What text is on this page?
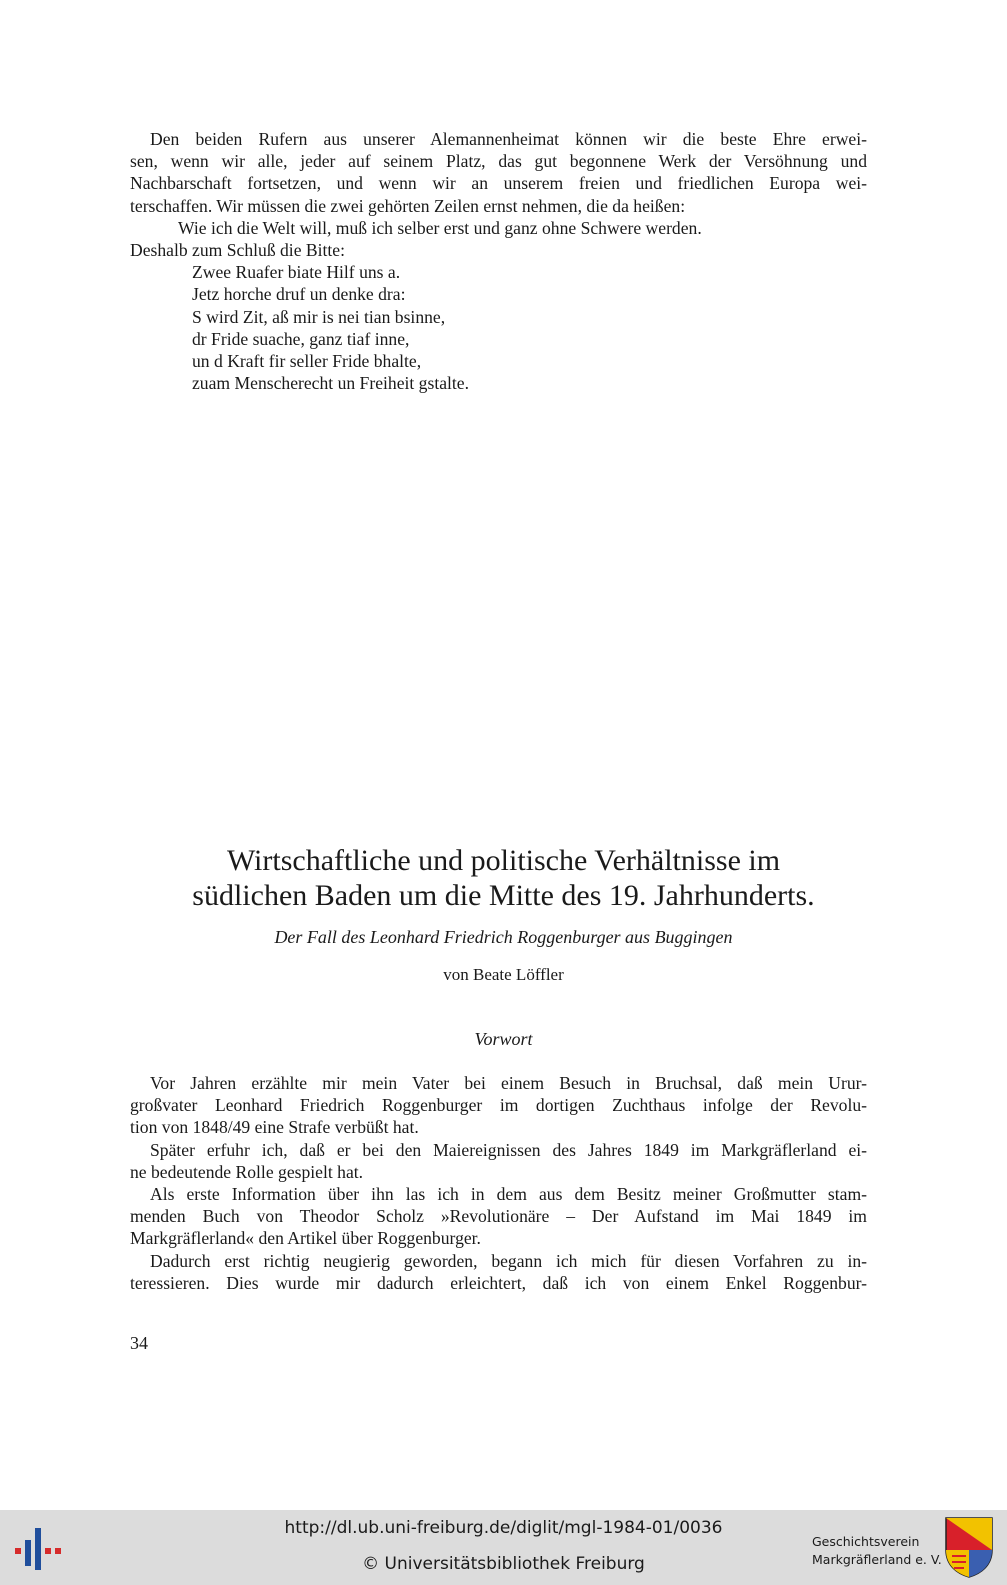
Den beiden Rufern aus unserer Alemannenheimat können wir die beste Ehre erwei-
sen, wenn wir alle, jeder auf seinem Platz, das gut begonnene Werk der Versöhnung und
Nachbarschaft fortsetzen, und wenn wir an unserem freien und friedlichen Europa wei-
terschaffen. Wir müssen die zwei gehörten Zeilen ernst nehmen, die da heißen:

Wie ich die Welt will, muß ich selber erst und ganz ohne Schwere werden.

Deshalb zum Schluß die Bitte:

Zwee Ruafer biate Hilf uns a.
Jetz horche druf un denke dra:
S wird Zit, aß mir is nei tian bsinne,
dr Fride suache, ganz tiaf inne,
un d Kraft fir seller Fride bhalte,
zuam Menscherecht un Freiheit gstalte.
Wirtschaftliche und politische Verhältnisse im
südlichen Baden um die Mitte des 19. Jahrhunderts.

Der Fall des Leonhard Friedrich Roggenburger aus Buggingen

von Beate Löffler

Vorwort

Vor Jahren erzählte mir mein Vater bei einem Besuch in Bruchsal, daß mein Urur-
großvater Leonhard Friedrich Roggenburger im dortigen Zuchthaus infolge der Revolu-
tion von 1848/49 eine Strafe verbüßt hat.

Später erfuhr ich, daß er bei den Maiereignissen des Jahres 1849 im Markgräflerland ei-
ne bedeutende Rolle gespielt hat.

Als erste Information über ihn las ich in dem aus dem Besitz meiner Großmutter stam-
menden Buch von Theodor Scholz »Revolutionäre – Der Aufstand im Mai 1849 im
Markgräflerland« den Artikel über Roggenburger.

Dadurch erst richtig neugierig geworden, begann ich mich für diesen Vorfahren zu in-
teressieren. Dies wurde mir dadurch erleichtert, daß ich von einem Enkel Roggenbur-

34
http://dl.ub.uni-freiburg.de/diglit/mgl-1984-01/0036
© Universitätsbibliothek Freiburg
Geschichtsverein
Markgräflerland e. V.
